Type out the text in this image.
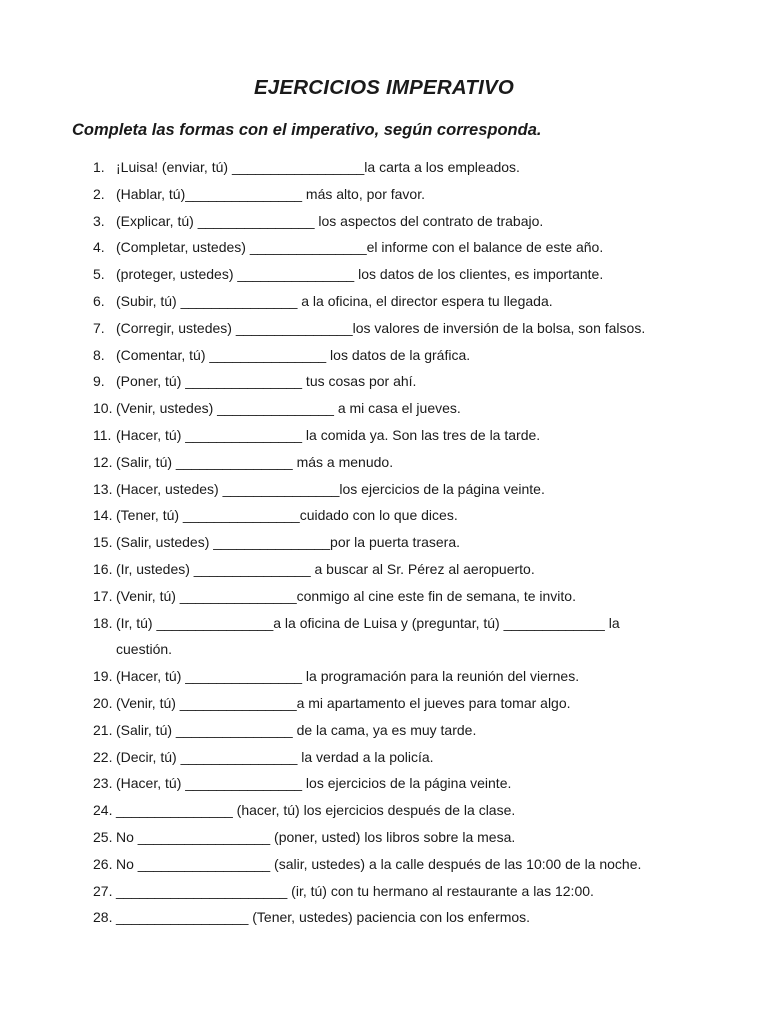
EJERCICIOS IMPERATIVO
Completa las formas con el imperativo, según corresponda.
1. ¡Luisa! (enviar, tú) _________________la carta a los empleados.
2. (Hablar, tú)_______________ más alto, por favor.
3. (Explicar, tú) _______________ los aspectos del contrato de trabajo.
4. (Completar, ustedes) _______________el informe con el balance de este año.
5. (proteger, ustedes) _______________ los datos de los clientes, es importante.
6. (Subir, tú) _______________ a la oficina, el director espera tu llegada.
7. (Corregir, ustedes) _______________los valores de inversión de la bolsa, son falsos.
8. (Comentar, tú) _______________ los datos de la gráfica.
9. (Poner, tú) _______________ tus cosas por ahí.
10. (Venir, ustedes) _______________ a mi casa el jueves.
11. (Hacer, tú) _______________ la comida ya. Son las tres de la tarde.
12. (Salir, tú) _______________ más a menudo.
13. (Hacer, ustedes) _______________los ejercicios de la página veinte.
14. (Tener, tú) _______________cuidado con lo que dices.
15. (Salir, ustedes) _______________por la puerta trasera.
16. (Ir, ustedes) _______________ a buscar al Sr. Pérez al aeropuerto.
17. (Venir, tú) _______________conmigo al cine este fin de semana, te invito.
18. (Ir, tú) _______________a la oficina de Luisa y (preguntar, tú) _____________ la
cuestión.
19. (Hacer, tú) _______________ la programación para la reunión del viernes.
20. (Venir, tú) _______________a mi apartamento el jueves para tomar algo.
21. (Salir, tú) _______________ de la cama, ya es muy tarde.
22. (Decir, tú) _______________ la verdad a la policía.
23. (Hacer, tú) _______________ los ejercicios de la página veinte.
24. _______________ (hacer, tú) los ejercicios después de la clase.
25. No _________________ (poner, usted) los libros sobre la mesa.
26. No _________________ (salir, ustedes) a la calle después de las 10:00 de la noche.
27. ______________________ (ir, tú) con tu hermano al restaurante a las 12:00.
28. _________________ (Tener, ustedes) paciencia con los enfermos.
